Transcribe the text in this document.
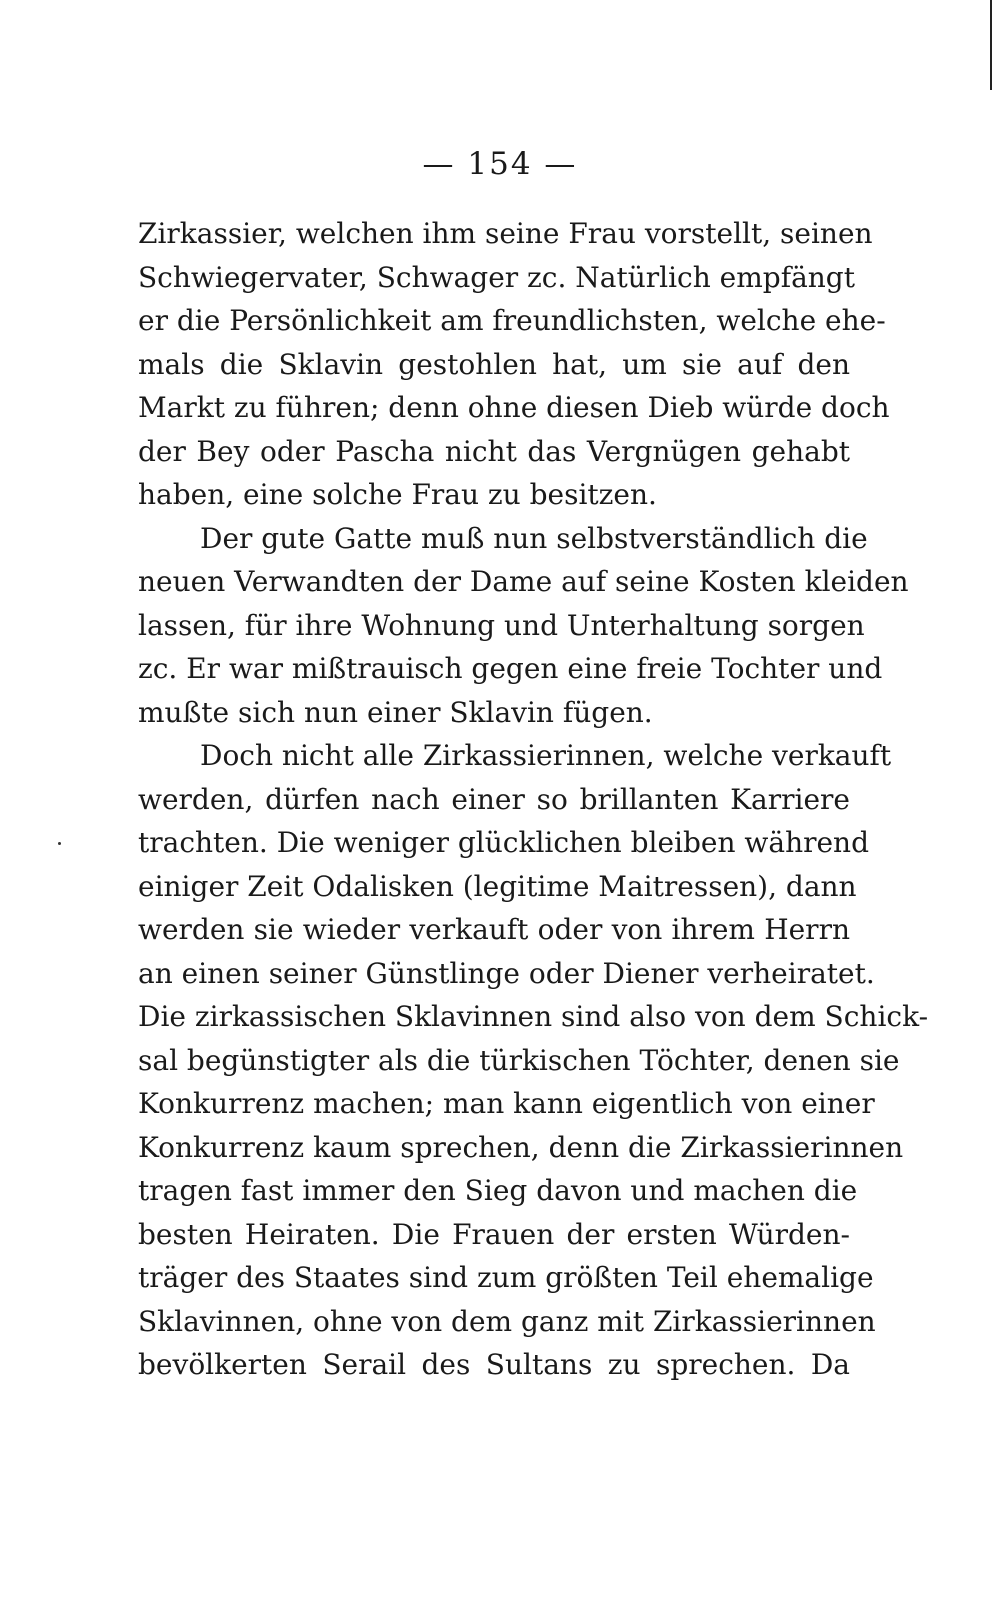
— 154 —
Zirkassier, welchen ihm seine Frau vorstellt, seinen
Schwiegervater, Schwager zc. Natürlich empfängt
er die Persönlichkeit am freundlichsten, welche ehe-
mals die Sklavin gestohlen hat, um sie auf den
Markt zu führen; denn ohne diesen Dieb würde doch
der Bey oder Pascha nicht das Vergnügen gehabt
haben, eine solche Frau zu besitzen.
Der gute Gatte muß nun selbstverständlich die
neuen Verwandten der Dame auf seine Kosten kleiden
lassen, für ihre Wohnung und Unterhaltung sorgen
zc. Er war mißtrauisch gegen eine freie Tochter und
mußte sich nun einer Sklavin fügen.
Doch nicht alle Zirkassierinnen, welche verkauft
werden, dürfen nach einer so brillanten Karriere
trachten. Die weniger glücklichen bleiben während
einiger Zeit Odalisken (legitime Maitressen), dann
werden sie wieder verkauft oder von ihrem Herrn
an einen seiner Günstlinge oder Diener verheiratet.
Die zirkassischen Sklavinnen sind also von dem Schick-
sal begünstigter als die türkischen Töchter, denen sie
Konkurrenz machen; man kann eigentlich von einer
Konkurrenz kaum sprechen, denn die Zirkassierinnen
tragen fast immer den Sieg davon und machen die
besten Heiraten. Die Frauen der ersten Würden-
träger des Staates sind zum größten Teil ehemalige
Sklavinnen, ohne von dem ganz mit Zirkassierinnen
bevölkerten Serail des Sultans zu sprechen. Da
